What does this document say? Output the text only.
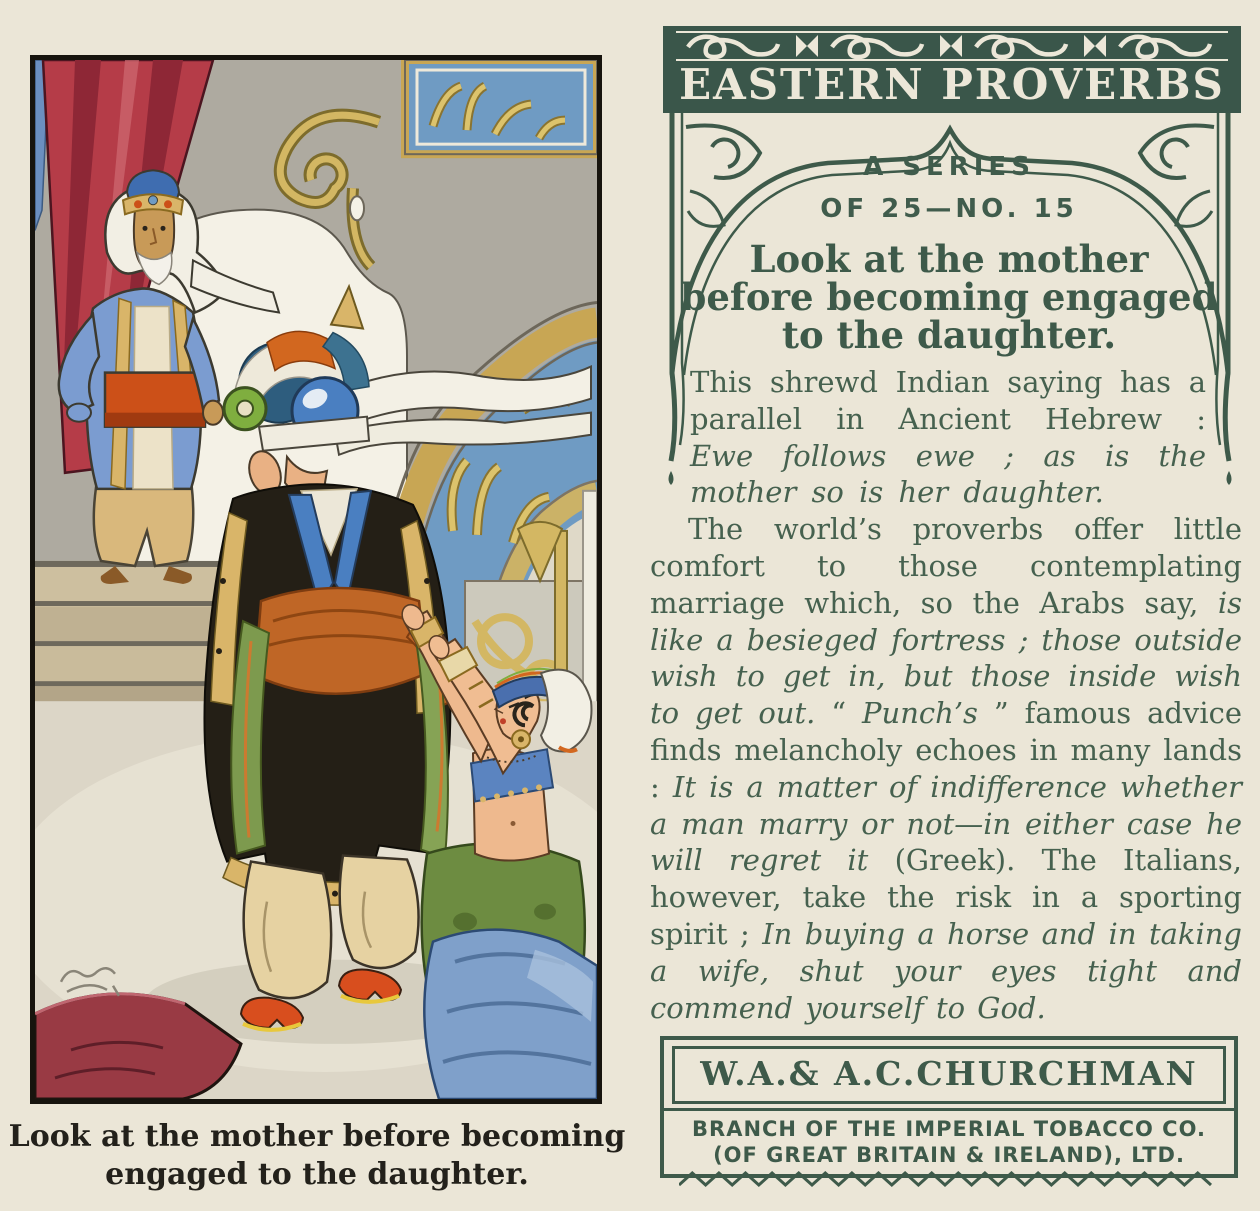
Look at the mother before becoming
engaged to the daughter.
EASTERN PROVERBS
A SERIES
OF 25—NO. 15
Look at the mother
before becoming engaged
to the daughter.

This shrewd Indian saying has a parallel in Ancient Hebrew : Ewe follows ewe ; as is the mother so is her daughter.

The world’s proverbs offer little comfort to those contemplating marriage which, so the Arabs say, is like a besieged fortress ; those outside wish to get in, but those inside wish to get out. “ Punch’s ” famous advice finds melancholy echoes in many lands : It is a matter of indifference whether a man marry or not—in either case he will regret it (Greek). The Italians, however, take the risk in a sporting spirit ; In buying a horse and in taking a wife, shut your eyes tight and commend yourself to God.

W.A.& A.C.CHURCHMAN
BRANCH OF THE IMPERIAL TOBACCO CO.
(OF GREAT BRITAIN & IRELAND), LTD.
